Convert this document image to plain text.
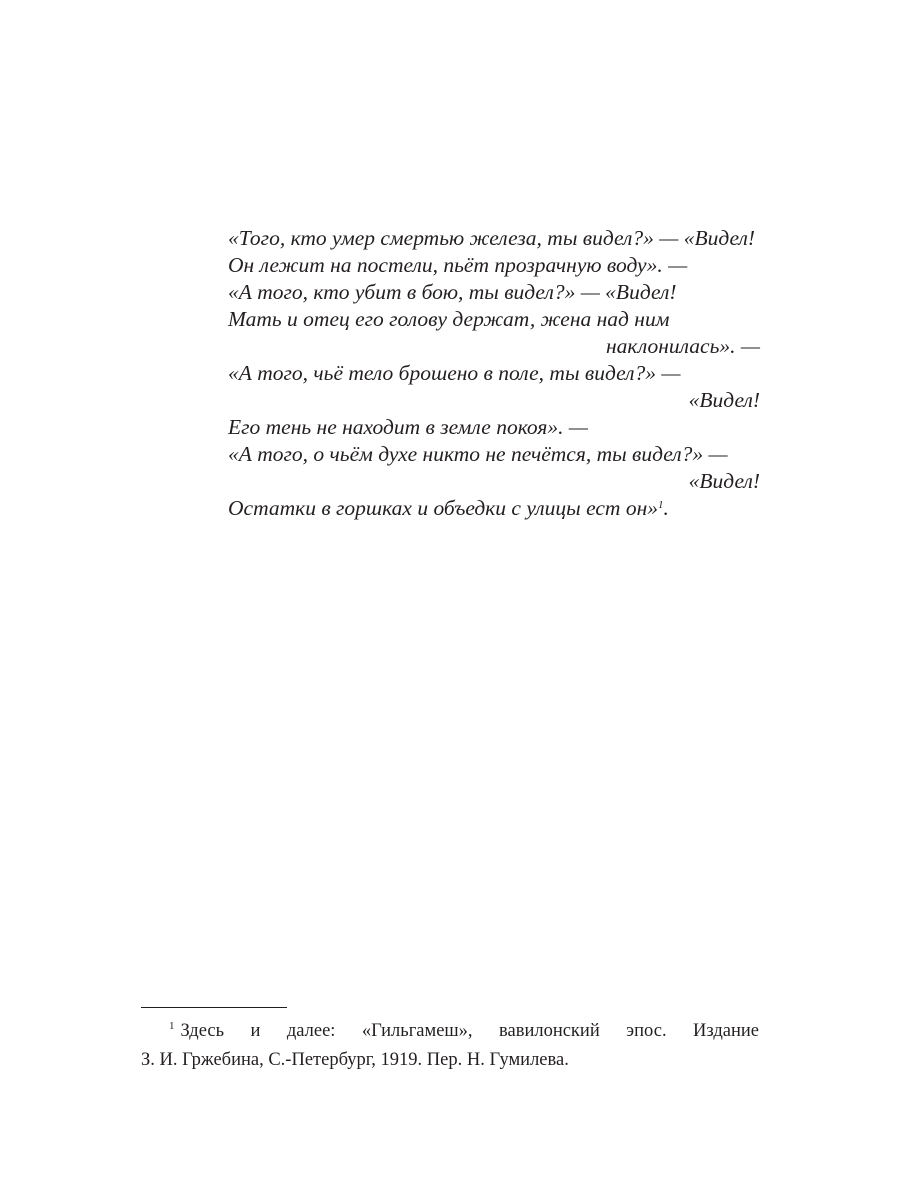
«Того, кто умер смертью железа, ты видел?» — «Видел!
Он лежит на постели, пьёт прозрачную воду». —
«А того, кто убит в бою, ты видел?» — «Видел!
Мать и отец его голову держат, жена над ним
наклонилась». —
«А того, чьё тело брошено в поле, ты видел?» —
«Видел!
Его тень не находит в земле покоя». —
«А того, о чьём духе никто не печётся, ты видел?» —
«Видел!
Остатки в горшках и объедки с улицы ест он»$^1$.
1 Здесь и далее: «Гильгамеш», вавилонский эпос. Издание
З. И. Гржебина, С.-Петербург, 1919. Пер. Н. Гумилева.
